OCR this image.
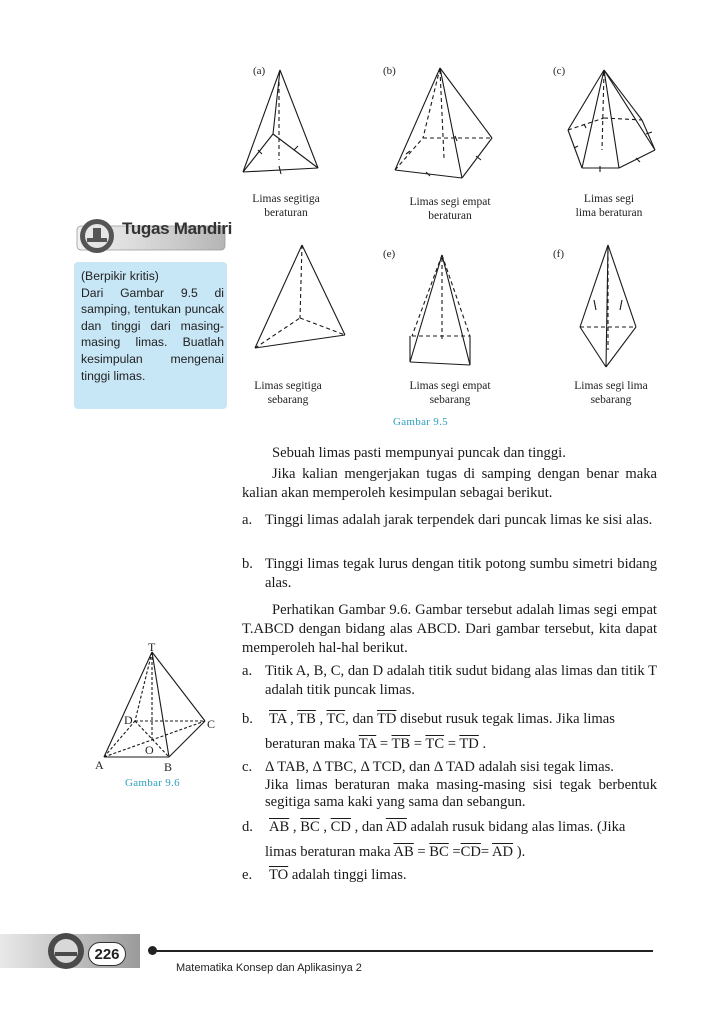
(a)	(b)	(c)
(e)	(f)
Limas segitiga
beraturan
Limas segi empat
beraturan
Limas segi
lima beraturan
Limas segitiga
sebarang
Limas segi empat
sebarang
Limas segi lima
sebarang
Gambar 9.5
Tugas Mandiri
(Berpikir kritis)
Dari Gambar 9.5 di samping, tentukan puncak dan tinggi dari masing-masing limas. Buatlah kesimpulan mengenai tinggi limas.
T
D	C
O
A	B
Gambar 9.6
Sebuah limas pasti mempunyai puncak dan tinggi.
Jika kalian mengerjakan tugas di samping dengan benar maka kalian akan memperoleh kesimpulan sebagai berikut.
a. Tinggi limas adalah jarak terpendek dari puncak limas ke sisi alas.
b. Tinggi limas tegak lurus dengan titik potong sumbu simetri bidang alas.
Perhatikan Gambar 9.6. Gambar tersebut adalah limas segi empat T.ABCD dengan bidang alas ABCD. Dari gambar tersebut, kita dapat memperoleh hal-hal berikut.
a. Titik A, B, C, dan D adalah titik sudut bidang alas limas dan titik T adalah titik puncak limas.
b. $\overline{TA}$ , $\overline{TB}$ , $\overline{TC}$, dan $\overline{TD}$ disebut rusuk tegak limas. Jika limas
beraturan maka $\overline{TA} = \overline{TB} = \overline{TC} = \overline{TD}$ .
c. Δ TAB, Δ TBC, Δ TCD, dan Δ TAD adalah sisi tegak limas.
Jika limas beraturan maka masing-masing sisi tegak berbentuk segitiga sama kaki yang sama dan sebangun.
d. $\overline{AB}$ , $\overline{BC}$ , $\overline{CD}$ , dan $\overline{AD}$ adalah rusuk bidang alas limas. (Jika
limas beraturan maka $\overline{AB} = \overline{BC} =\overline{CD}= \overline{AD}$ ).
e. $\overline{TO}$ adalah tinggi limas.
226
Matematika Konsep dan Aplikasinya 2
